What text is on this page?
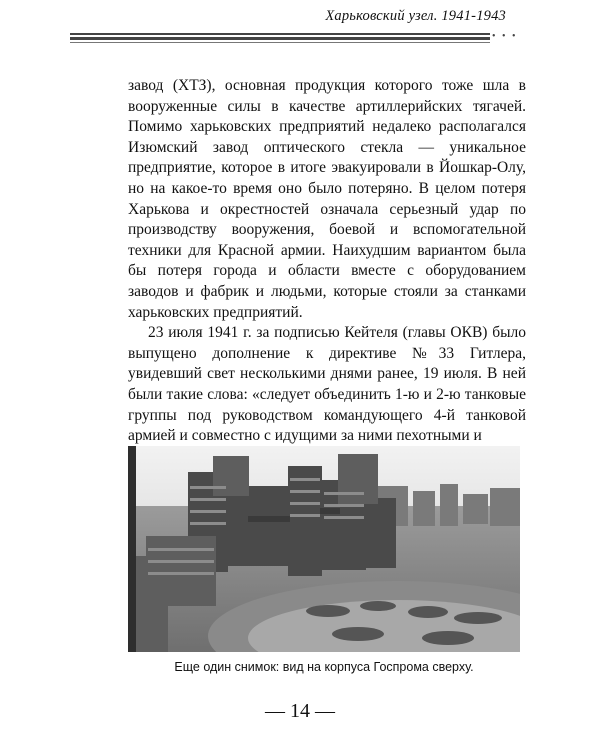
Харьковский узел. 1941-1943
• • •

завод (ХТЗ), основная продукция которого тоже шла в вооруженные силы в качестве артиллерийских тягачей. Помимо харьковских предприятий недалеко располагался Изюмский завод оптического стекла — уникальное предприятие, которое в итоге эвакуировали в Йошкар-Олу, но на какое-то время оно было потеряно. В целом потеря Харькова и окрестностей означала серьезный удар по производству вооружения, боевой и вспомогательной техники для Красной армии. Наихудшим вариантом была бы потеря города и области вместе с оборудованием заводов и фабрик и людьми, которые стояли за станками харьковских предприятий.

23 июля 1941 г. за подписью Кейтеля (главы ОКВ) было выпущено дополнение к директиве №33 Гитлера, увидевший свет несколькими днями ранее, 19 июля. В ней были такие слова: «следует объединить 1-ю и 2-ю танковые группы под руководством командующего 4-й танковой армией и совместно с идущими за ними пехотными и

Еще один снимок: вид на корпуса Госпрома сверху.
— 14 —
